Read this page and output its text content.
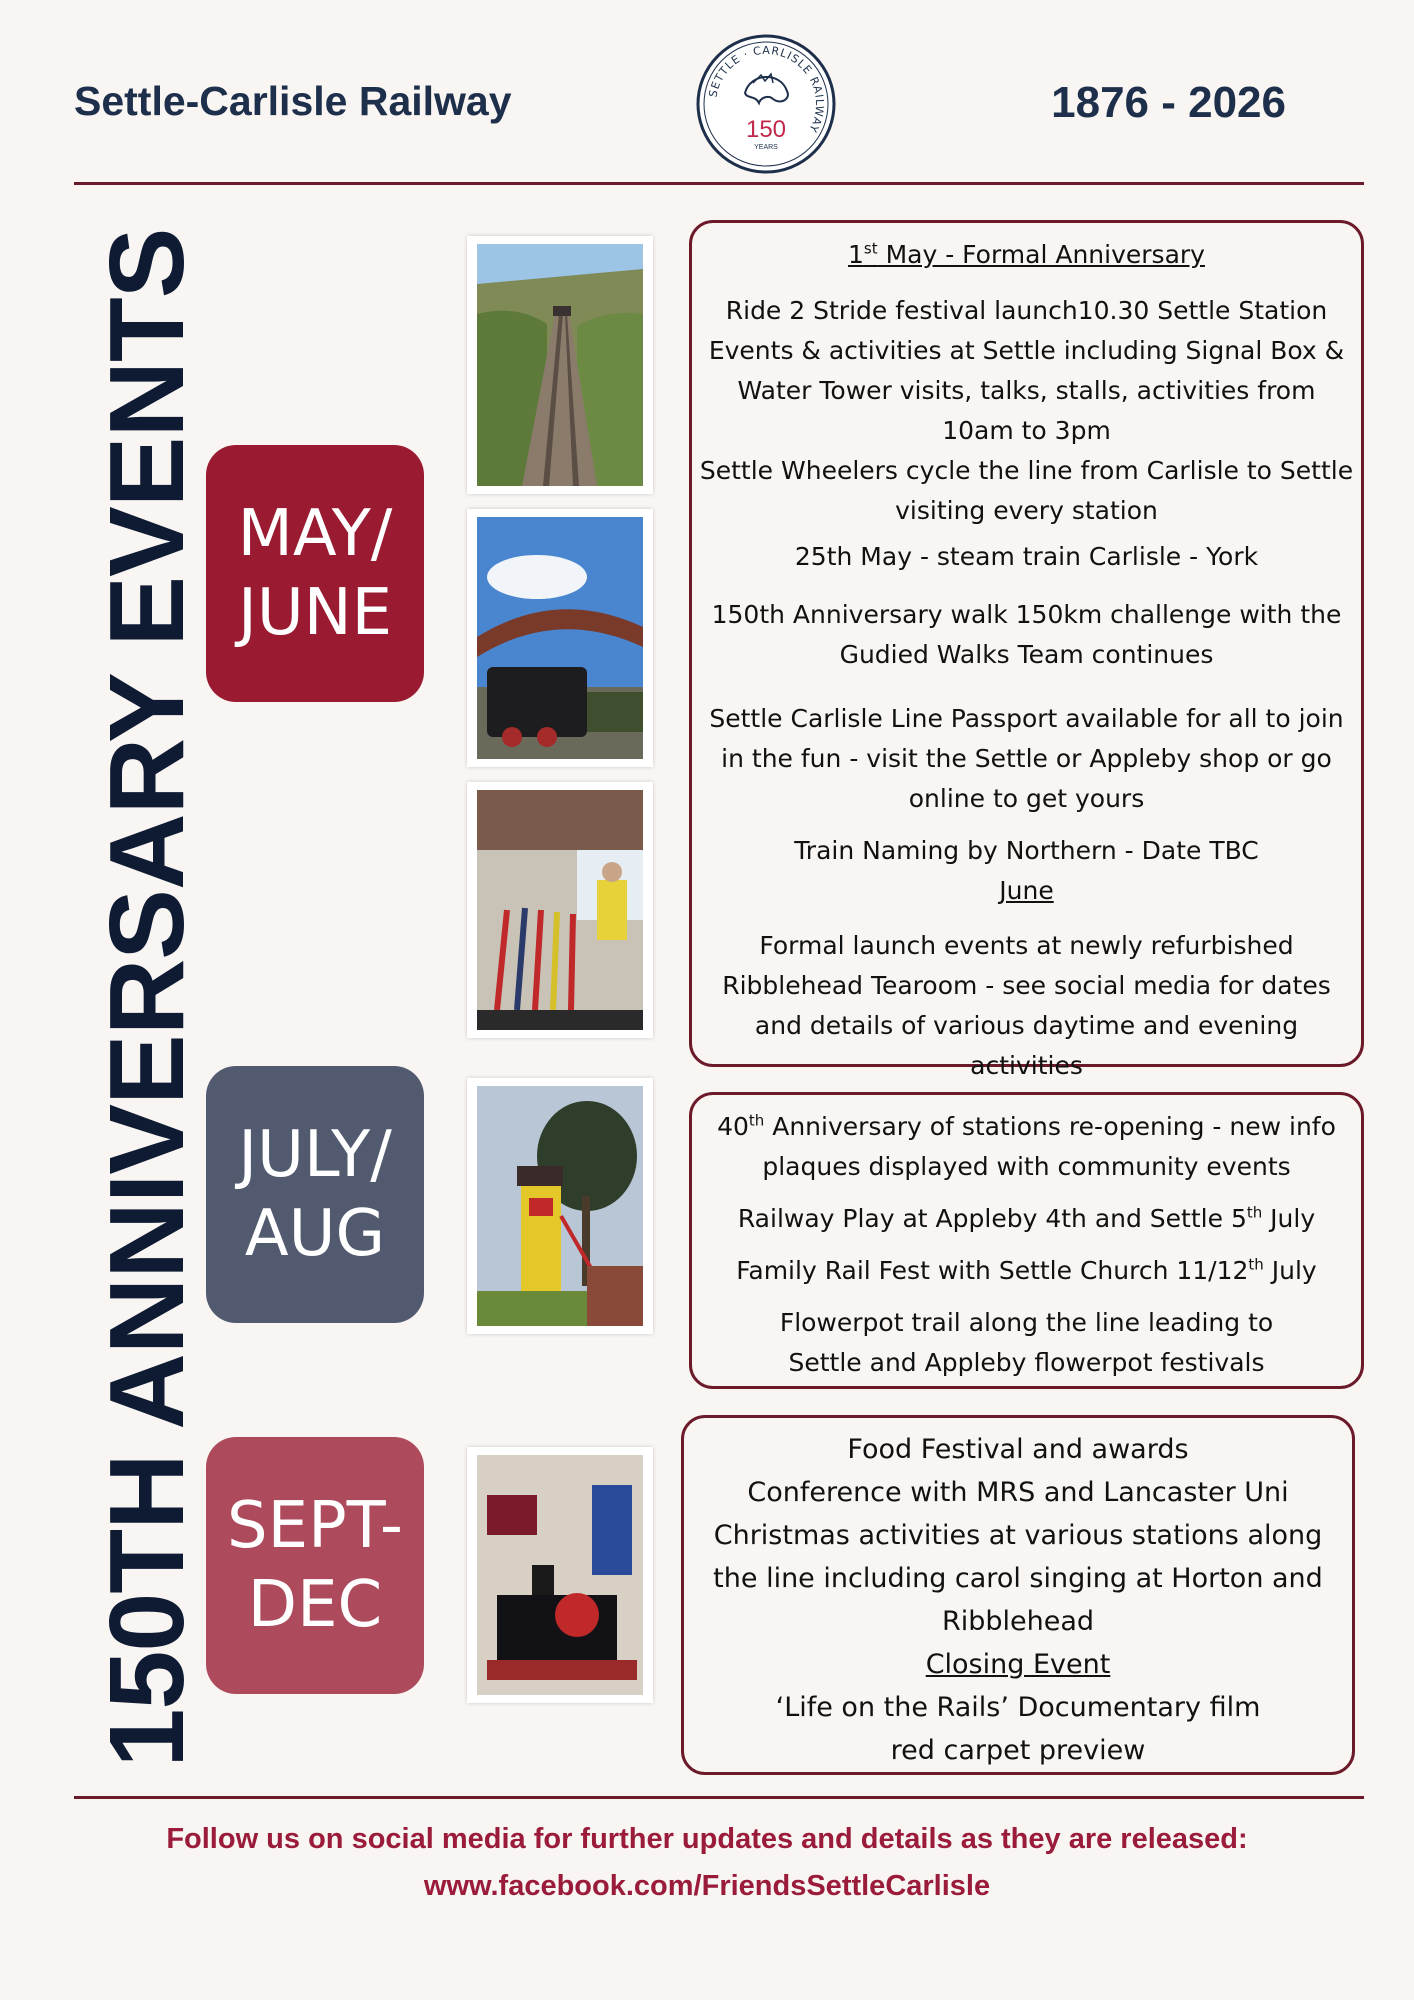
Settle-Carlisle Railway	1876 - 2026
SETTLE · CARLISLE RAILWAY
150
YEARS
150TH ANNIVERSARY EVENTS MAY/
JUNE
JULY/
AUG
SEPT-
DEC

1st May - Formal Anniversary

Ride 2 Stride festival launch10.30 Settle Station

Events & activities at Settle including Signal Box & Water Tower visits, talks, stalls, activities from 10am to 3pm

Settle Wheelers cycle the line from Carlisle to Settle visiting every station

25th May - steam train Carlisle - York

150th Anniversary walk 150km challenge with the Gudied Walks Team continues

Settle Carlisle Line Passport available for all to join in the fun - visit the Settle or Appleby shop or go online to get yours

Train Naming by Northern - Date TBC

June

Formal launch events at newly refurbished Ribblehead Tearoom - see social media for dates and details of various daytime and evening activities

40th Anniversary of stations re-opening - new info plaques displayed with community events

Railway Play at Appleby 4th and Settle 5th July

Family Rail Fest with Settle Church 11/12th July

Flowerpot trail along the line leading to Settle and Appleby flowerpot festivals

Food Festival and awards

Conference with MRS and Lancaster Uni

Christmas activities at various stations along the line including carol singing at Horton and Ribblehead

Closing Event

‘Life on the Rails’ Documentary film

red carpet preview

Follow us on social media for further updates and details as they are released:
www.facebook.com/FriendsSettleCarlisle
